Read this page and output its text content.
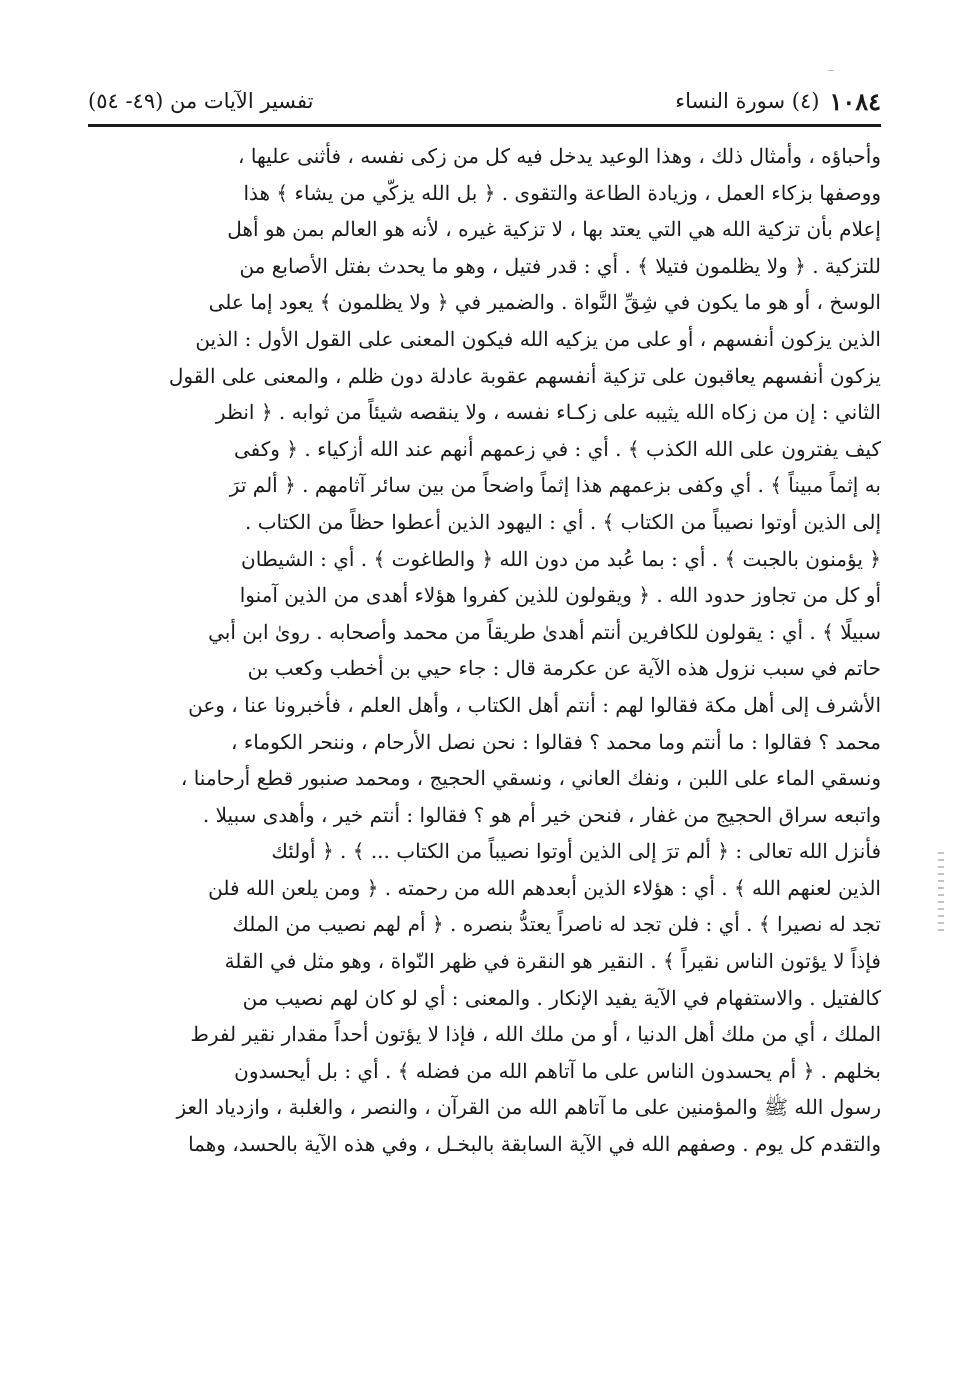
١٠٨٤
(٤) سورة النساء
تفسير الآيات من (٤٩- ٥٤)
وأحباؤه ، وأمثال ذلك ، وهذا الوعيد يدخل فيه كل من زكى نفسه ، فأثنى عليها ،
ووصفها بزكاء العمل ، وزيادة الطاعة والتقوى . ﴿ بل الله يزكّي من يشاء ﴾ هذا
إعلام بأن تزكية الله هي التي يعتد بها ، لا تزكية غيره ، لأنه هو العالم بمن هو أهل
للتزكية . ﴿ ولا يظلمون فتيلا ﴾ . أي : قدر فتيل ، وهو ما يحدث بفتل الأصابع من
الوسخ ، أو هو ما يكون في شِقِّ النَّواة . والضمير في ﴿ ولا يظلمون ﴾ يعود إما على
الذين يزكون أنفسهم ، أو على من يزكيه الله فيكون المعنى على القول الأول : الذين
يزكون أنفسهم يعاقبون على تزكية أنفسهم عقوبة عادلة دون ظلم ، والمعنى على القول
الثاني : إن من زكاه الله يثيبه على زكـاء نفسه ، ولا ينقصه شيئاً من ثوابه . ﴿ انظر
كيف يفترون على الله الكذب ﴾ . أي : في زعمهم أنهم عند الله أزكياء . ﴿ وكفى
به إثماً مبيناً ﴾ . أي وكفى بزعمهم هذا إثماً واضحاً من بين سائر آثامهم . ﴿ ألم ترَ
إلى الذين أوتوا نصيباً من الكتاب ﴾ . أي : اليهود الذين أعطوا حظاً من الكتاب .
﴿ يؤمنون بالجبت ﴾ . أي : بما عُبد من دون الله ﴿ والطاغوت ﴾ . أي : الشيطان
أو كل من تجاوز حدود الله . ﴿ ويقولون للذين كفروا هؤلاء أهدى من الذين آمنوا
سبيلًا ﴾ . أي : يقولون للكافرين أنتم أهدىٰ طريقاً من محمد وأصحابه . روىٰ ابن أبي
حاتم في سبب نزول هذه الآية عن عكرمة قال : جاء حيي بن أخطب وكعب بن
الأشرف إلى أهل مكة فقالوا لهم : أنتم أهل الكتاب ، وأهل العلم ، فأخبرونا عنا ، وعن
محمد ؟ فقالوا : ما أنتم وما محمد ؟ فقالوا : نحن نصل الأرحام ، وننحر الكوماء ،
ونسقي الماء على اللبن ، ونفك العاني ، ونسقي الحجيج ، ومحمد صنبور قطع أرحامنا ،
واتبعه سراق الحجيج من غفار ، فنحن خير أم هو ؟ فقالوا : أنتم خير ، وأهدى سبيلا .
فأنزل الله تعالى : ﴿ ألم ترَ إلى الذين أوتوا نصيباً من الكتاب ... ﴾ . ﴿ أولئك
الذين لعنهم الله ﴾ . أي : هؤلاء الذين أبعدهم الله من رحمته . ﴿ ومن يلعن الله فلن
تجد له نصيرا ﴾ . أي : فلن تجد له ناصراً يعتدُّ بنصره . ﴿ أم لهم نصيب من الملك
فإذاً لا يؤتون الناس نقيراً ﴾ . النقير هو النقرة في ظهر النّواة ، وهو مثل في القلة
كالفتيل . والاستفهام في الآية يفيد الإنكار . والمعنى : أي لو كان لهم نصيب من
الملك ، أي من ملك أهل الدنيا ، أو من ملك الله ، فإذا لا يؤتون أحداً مقدار نقير لفرط
بخلهم . ﴿ أم يحسدون الناس على ما آتاهم الله من فضله ﴾ . أي : بل أيحسدون
رسول الله ﷺ والمؤمنين على ما آتاهم الله من القرآن ، والنصر ، والغلبة ، وازدياد العز
والتقدم كل يوم . وصفهم الله في الآية السابقة بالبخـل ، وفي هذه الآية بالحسد، وهما
